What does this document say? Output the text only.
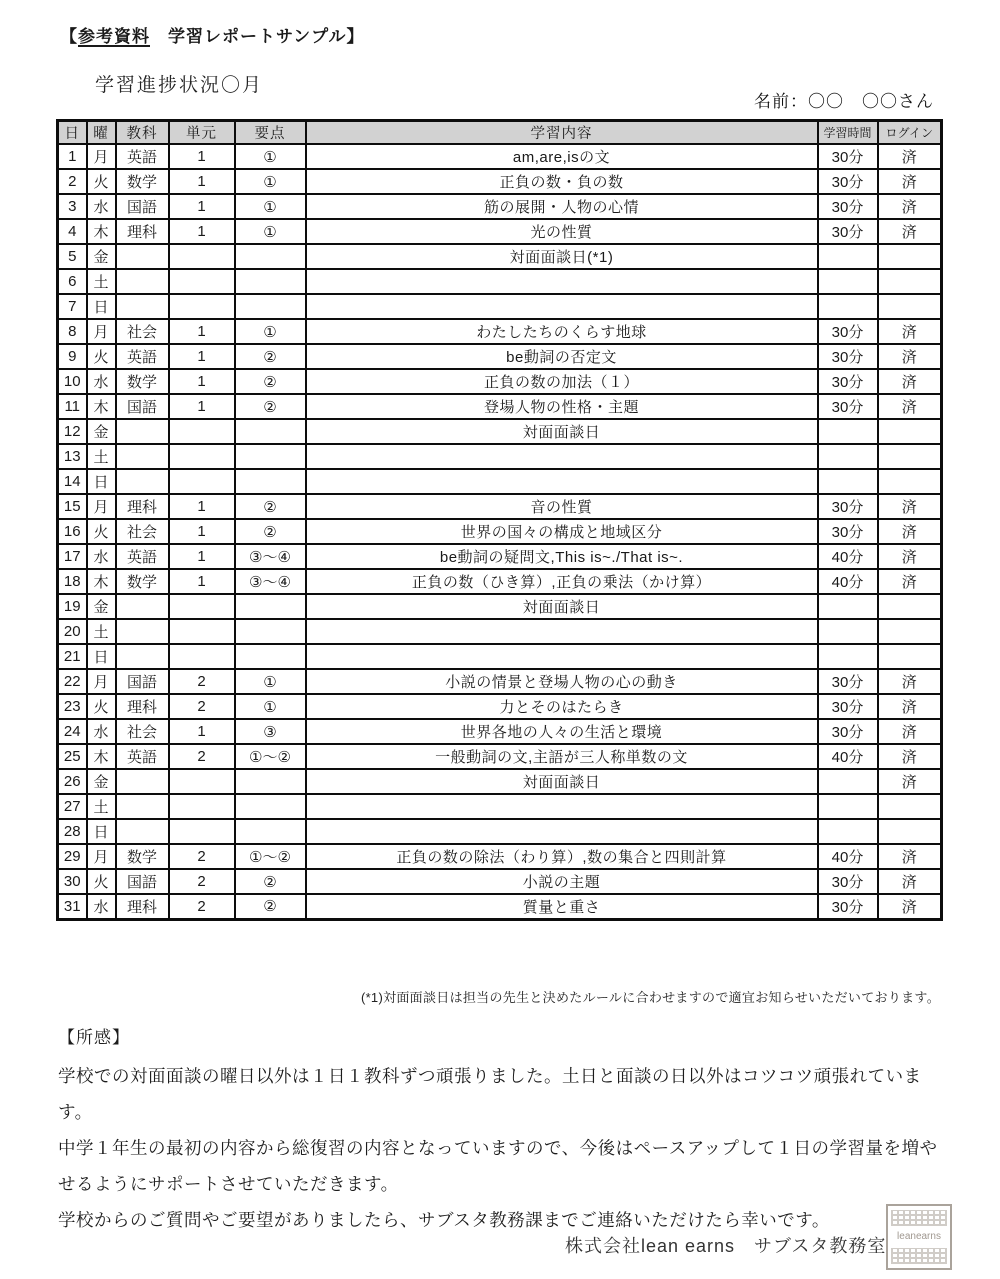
【参考資料　学習レポートサンプル】
学習進捗状況〇月
名前：〇〇　〇〇さん
日	曜	教科	単元	要点	学習内容	学習時間	ログイン
1	月	英語	1	①	am,are,isの文	30分	済
2	火	数学	1	①	正負の数・負の数	30分	済
3	水	国語	1	①	筋の展開・人物の心情	30分	済
4	木	理科	1	①	光の性質	30分	済
5	金				対面面談日(*1)		
6	土						
7	日						
8	月	社会	1	①	わたしたちのくらす地球	30分	済
9	火	英語	1	②	be動詞の否定文	30分	済
10	水	数学	1	②	正負の数の加法（１）	30分	済
11	木	国語	1	②	登場人物の性格・主題	30分	済
12	金				対面面談日		
13	土						
14	日						
15	月	理科	1	②	音の性質	30分	済
16	火	社会	1	②	世界の国々の構成と地域区分	30分	済
17	水	英語	1	③～④	be動詞の疑問文,This is~./That is~.	40分	済
18	木	数学	1	③～④	正負の数（ひき算）,正負の乗法（かけ算）	40分	済
19	金				対面面談日		
20	土						
21	日						
22	月	国語	2	①	小説の情景と登場人物の心の動き	30分	済
23	火	理科	2	①	力とそのはたらき	30分	済
24	水	社会	1	③	世界各地の人々の生活と環境	30分	済
25	木	英語	2	①～②	一般動詞の文,主語が三人称単数の文	40分	済
26	金				対面面談日		済
27	土						
28	日						
29	月	数学	2	①～②	正負の数の除法（わり算）,数の集合と四則計算	40分	済
30	火	国語	2	②	小説の主題	30分	済
31	水	理科	2	②	質量と重さ	30分	済
(*1)対面面談日は担当の先生と決めたルールに合わせますので適宜お知らせいただいております。
【所感】
学校での対面面談の曜日以外は１日１教科ずつ頑張りました。土日と面談の日以外はコツコツ頑張れています。
中学１年生の最初の内容から総復習の内容となっていますので、今後はペースアップして１日の学習量を増やせるようにサポートさせていただきます。
学校からのご質問やご要望がありましたら、サブスタ教務課までご連絡いただけたら幸いです。
株式会社lean earns　サブスタ教務室	leanearns
